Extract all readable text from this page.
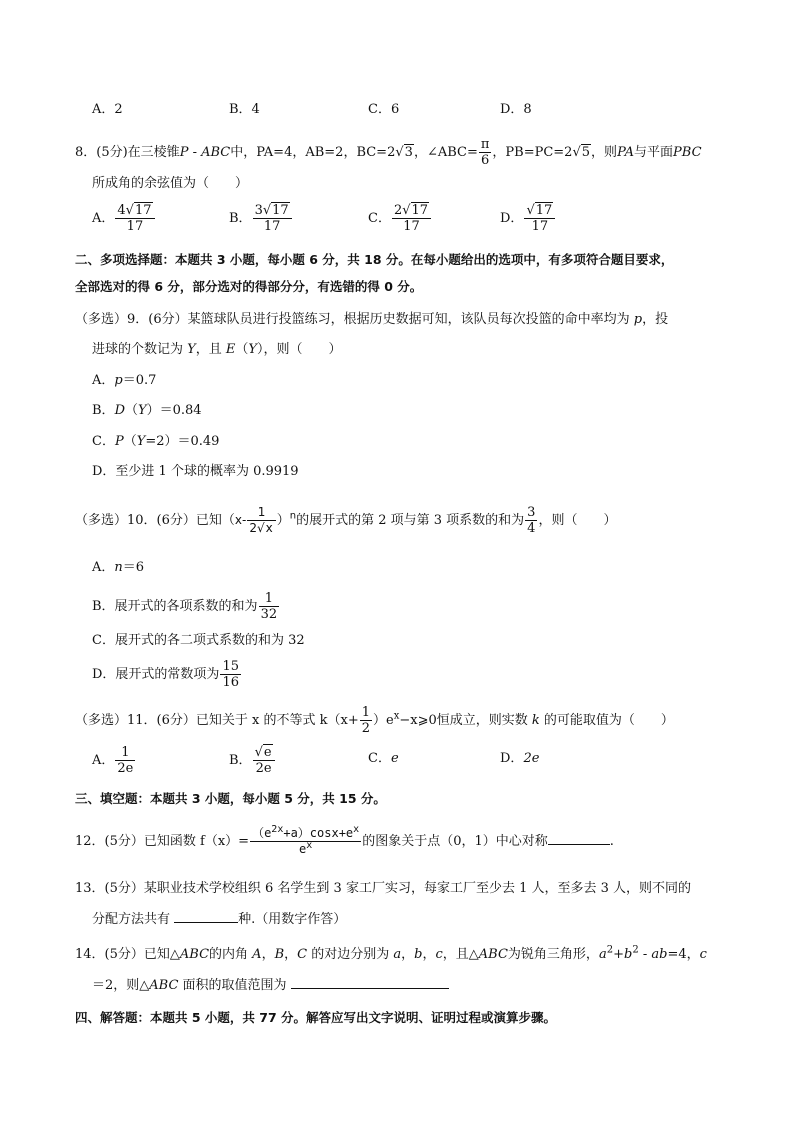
A．2	B．4	C．6	D．8
8．(5分)在三棱锥P - ABC中，PA=4，AB=2，BC=2√3，∠ABC= $\frac{\pi}{6}$ ，PB=PC=2√5，则PA与平面PBC
所成角的余弦值为（　　）
A． $\frac{4√17}{17}$	B． $\frac{3√17}{17}$	C． $\frac{2√17}{17}$	D． $\frac{√17}{17}$
二、多项选择题：本题共 3 小题，每小题 6 分，共 18 分。在每小题给出的选项中，有多项符合题目要求，
全部选对的得 6 分，部分选对的得部分分，有选错的得 0 分。
（多选）9．(6分）某篮球队员进行投篮练习，根据历史数据可知，该队员每次投篮的命中率均为 p，投
进球的个数记为 Y，且 E（Y），则（　　）
A．p＝0.7
B．D（Y）＝0.84
C．P（Y=2）＝0.49
D．至少进 1 个球的概率为 0.9919
（多选）10．(6分）已知$(x- \frac{1}{2√x} )^n$的展开式的第 2 项与第 3 项系数的和为 $\frac{3}{4}$ ，则（　　）
A．n＝6
B．展开式的各项系数的和为 $\frac{1}{32}$
C．展开式的各二项式系数的和为 32
D．展开式的常数项为 $\frac{15}{16}$
（多选）11．(6分）已知关于 x 的不等式 $k(x+ \frac{1}{2}$ ）$e^x-x⩾0$恒成立，则实数 k 的可能取值为（　　）
A． $\frac{1}{2e}$	B． $\frac{√e}{2e}$	C．e	D．2e
三、填空题：本题共 3 小题，每小题 5 分，共 15 分。
12．(5分）已知函数 $f(x)= \frac{(e^{2x}+a)\cos x+e^x}{e^x}$ 的图象关于点（0，1）中心对称	.
13．(5分）某职业技术学校组织 6 名学生到 3 家工厂实习，每家工厂至少去 1 人，至多去 3 人，则不同的
分配方法共有	种.（用数字作答）
14．(5分）已知△ABC的内角 A，B，C 的对边分别为 a，b，c，且△ABC为锐角三角形，$a^2+b^2 - ab=4$，c
＝2，则△ABC 面积的取值范围为
四、解答题：本题共 5 小题，共 77 分。解答应写出文字说明、证明过程或演算步骤。
